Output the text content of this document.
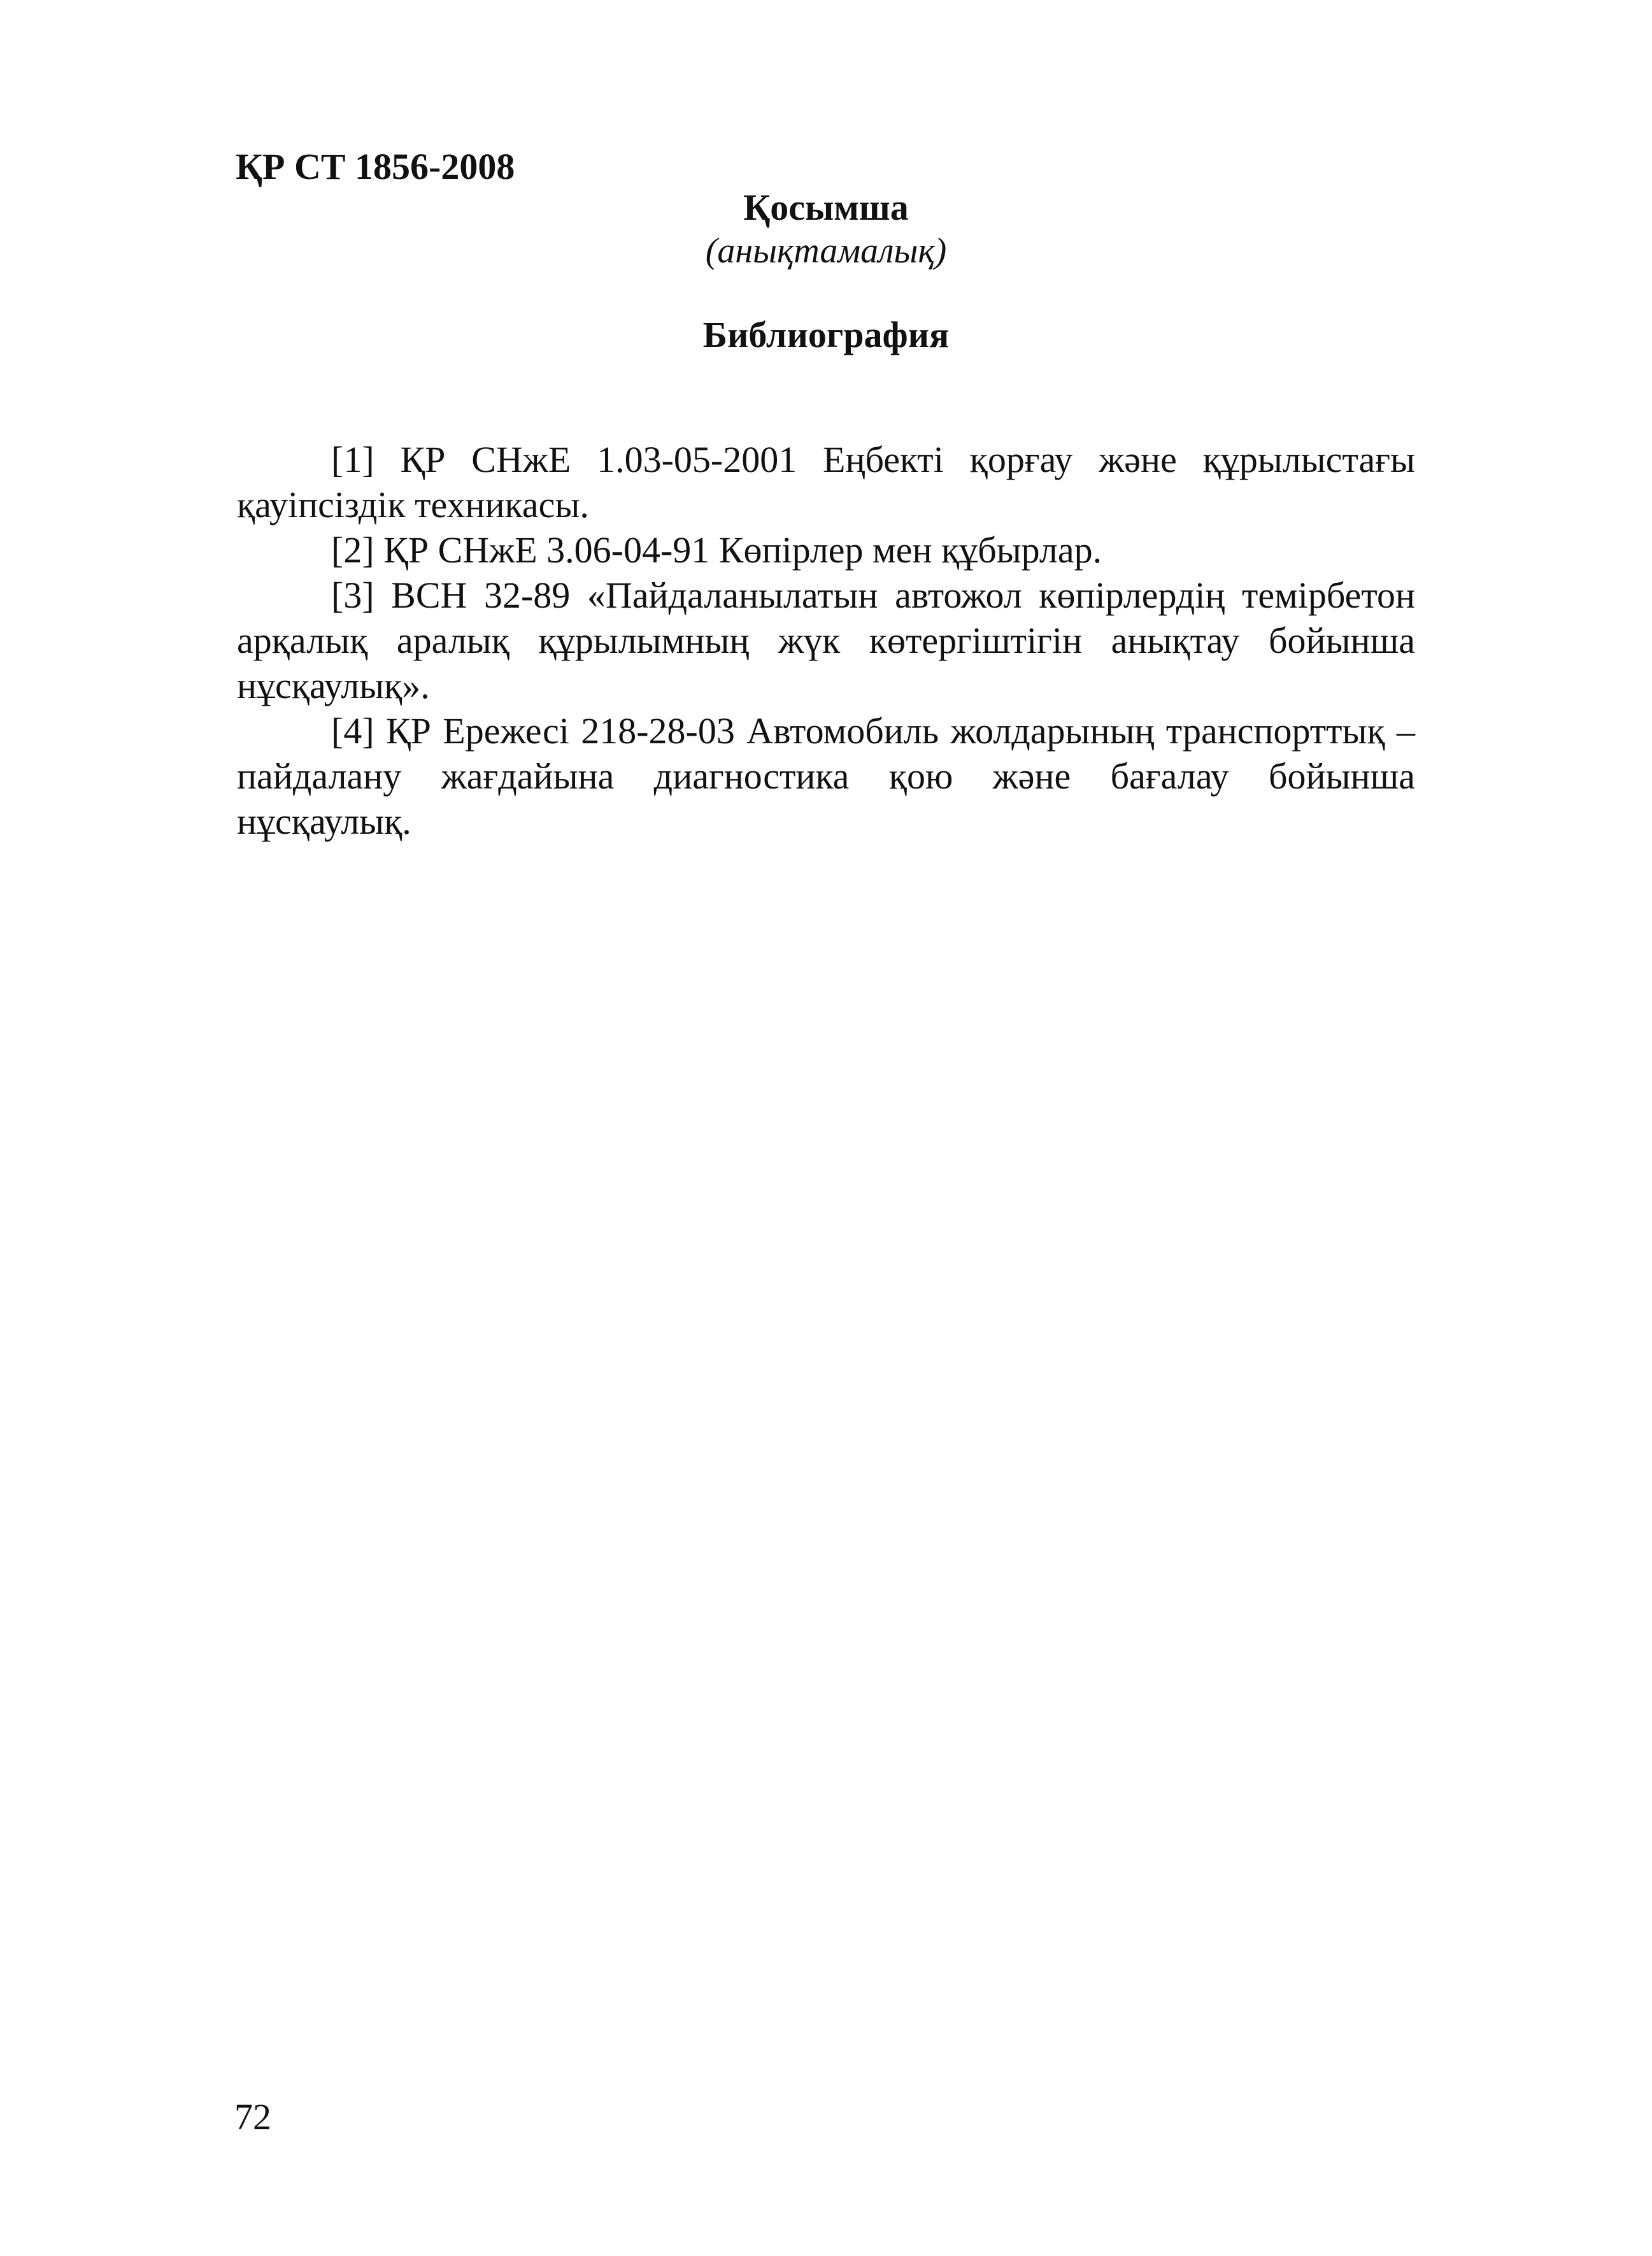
ҚР СТ 1856-2008
Қосымша
(анықтамалық)
Библиография

[1] ҚР СНжЕ 1.03-05-2001 Еңбекті қорғау және құрылыстағы қауіпсіздік техникасы.

[2] ҚР СНжЕ 3.06-04-91 Көпірлер мен құбырлар.

[3] ВСН 32-89 «Пайдаланылатын автожол көпірлердің темірбетон арқалық аралық құрылымның жүк көтергіштігін анықтау бойынша нұсқаулық».

[4] ҚР Ережесі 218-28-03 Автомобиль жолдарының транспорттық – пайдалану жағдайына диагностика қою және бағалау бойынша нұсқаулық.

72
